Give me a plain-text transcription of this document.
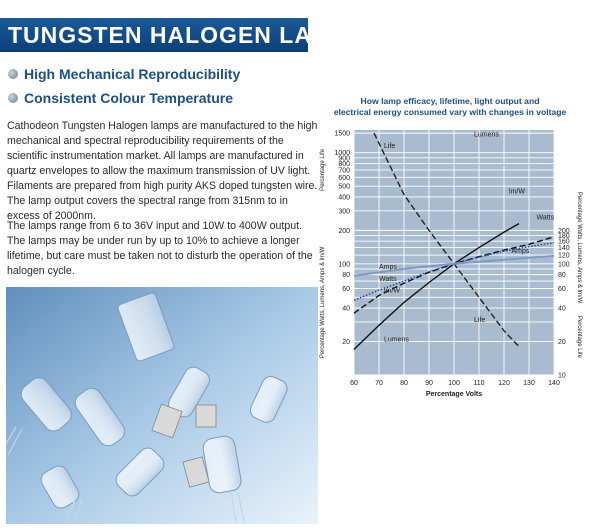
TUNGSTEN HALOGEN LAMPS
High Mechanical Reproducibility
Consistent Colour Temperature

Cathodeon Tungsten Halogen lamps are manufactured to the high mechanical and spectral reproducibility requirements of the scientific instrumentation market. All lamps are manufactured in quartz envelopes to allow the maximum transmission of UV light. Filaments are prepared from high purity AKS doped tungsten wire. The lamp output covers the spectral range from 315nm to in excess of 2000nm.

The lamps range from 6 to 36V input and 10W to 400W output. The lamps may be under run by up to 10% to achieve a longer lifetime, but care must be taken not to disturb the operation of the halogen cycle.

How lamp efficacy, lifetime, light output and
electrical energy consumed vary with changes in voltage
60 70 80 90 100 110 120 130 140
1500
1000
900
800
700
600
500
400
300
200
100
80
60
40
20
200
180
160
140
120
100
80
60
40
20
10
Percentage Volts
Percentage Watts, Lumens, Amps & lm/W
Percentage Life
Percentage Watts, Lumens, Amps & lm/W
Percentage Life
Life
Life
Lumens
Lumens
lm/W
lm/W
Watts
Watts
Amps
Amps
